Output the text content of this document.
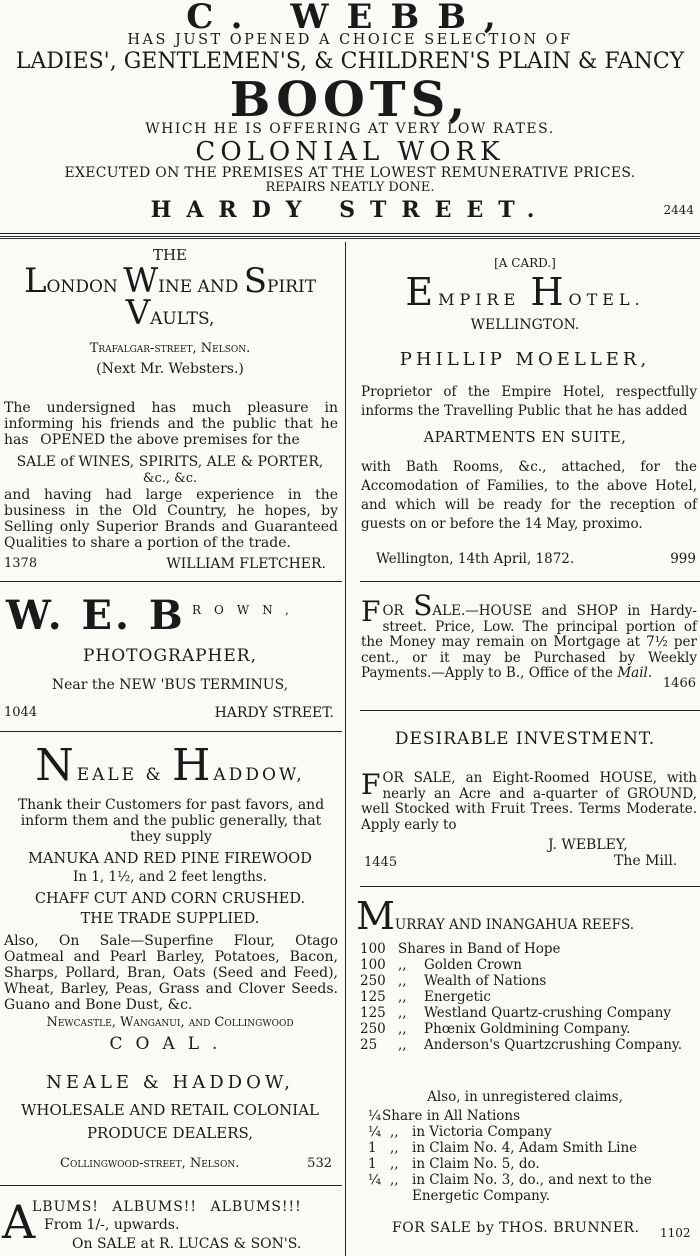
C. WEBB,
HAS JUST OPENED A CHOICE SELECTION OF
LADIES', GENTLEMEN'S, & CHILDREN'S PLAIN & FANCY
BOOTS,
WHICH HE IS OFFERING AT VERY LOW RATES.
COLONIAL WORK
EXECUTED ON THE PREMISES AT THE LOWEST REMUNERATIVE PRICES.
REPAIRS NEATLY DONE.
HARDY STREET.	2444
THE
LONDON WINE AND SPIRIT
VAULTS,
Trafalgar-street, Nelson.
(Next Mr. Websters.)
The undersigned has much pleasure in informing his friends and the public that he has OPENED the above premises for the
SALE of WINES, SPIRITS, ALE & PORTER,
&c., &c.
and having had large experience in the business in the Old Country, he hopes, by Selling only Superior Brands and Guaranteed Qualities to share a portion of the trade.
1378	WILLIAM FLETCHER.
W. E. B ROWN,
PHOTOGRAPHER,
Near the NEW 'BUS TERMINUS,
1044	HARDY STREET.
NEALE & HADDOW,
Thank their Customers for past favors, and inform them and the public generally, that they supply
MANUKA AND RED PINE FIREWOOD
In 1, 1½, and 2 feet lengths.
CHAFF CUT AND CORN CRUSHED.
THE TRADE SUPPLIED.
Also, On Sale—Superfine Flour, Otago Oatmeal and Pearl Barley, Potatoes, Bacon, Sharps, Pollard, Bran, Oats (Seed and Feed), Wheat, Barley, Peas, Grass and Clover Seeds. Guano and Bone Dust, &c.
Newcastle, Wanganui, and Collingwood
COAL.
NEALE & HADDOW,
WHOLESALE AND RETAIL COLONIAL
PRODUCE DEALERS,
Collingwood-street, Nelson.	532
A
LBUMS! ALBUMS!! ALBUMS!!!
From 1/-, upwards.
On SALE at R. LUCAS & SON'S.
[A CARD.]
EMPIRE HOTEL.
WELLINGTON.
PHILLIP MOELLER,
Proprietor of the Empire Hotel, respectfully informs the Travelling Public that he has added
APARTMENTS EN SUITE,
with Bath Rooms, &c., attached, for the Accomodation of Families, to the above Hotel, and which will be ready for the reception of guests on or before the 14 May, proximo.
Wellington, 14th April, 1872.	999
FOR SALE.—HOUSE and SHOP in Hardy-street. Price, Low. The principal portion of the Money may remain on Mortgage at 7½ per cent., or it may be Purchased by Weekly Payments.—Apply to B., Office of the Mail.
1466
DESIRABLE INVESTMENT.
FOR SALE, an Eight-Roomed HOUSE, with nearly an Acre and a-quarter of GROUND, well Stocked with Fruit Trees. Terms Moderate. Apply early to
J. WEBLEY,
1445	The Mill.
MURRAY AND INANGAHUA REEFS.
100 Shares in Band of Hope
100 ,,	Golden Crown
250 ,,	Wealth of Nations
125 ,,	Energetic
125 ,,	Westland Quartz-crushing Company
250 ,,	Phœnix Goldmining Company.
25	,,	Anderson's Quartzcrushing Company.
Also, in unregistered claims,
¼ Share in All Nations
¼ ,, in Victoria Company
1 ,, in Claim No. 4, Adam Smith Line
1 ,, in Claim No. 5, do.
¼ ,, in Claim No. 3, do., and next to the Energetic Company.
FOR SALE by THOS. BRUNNER. 1102
